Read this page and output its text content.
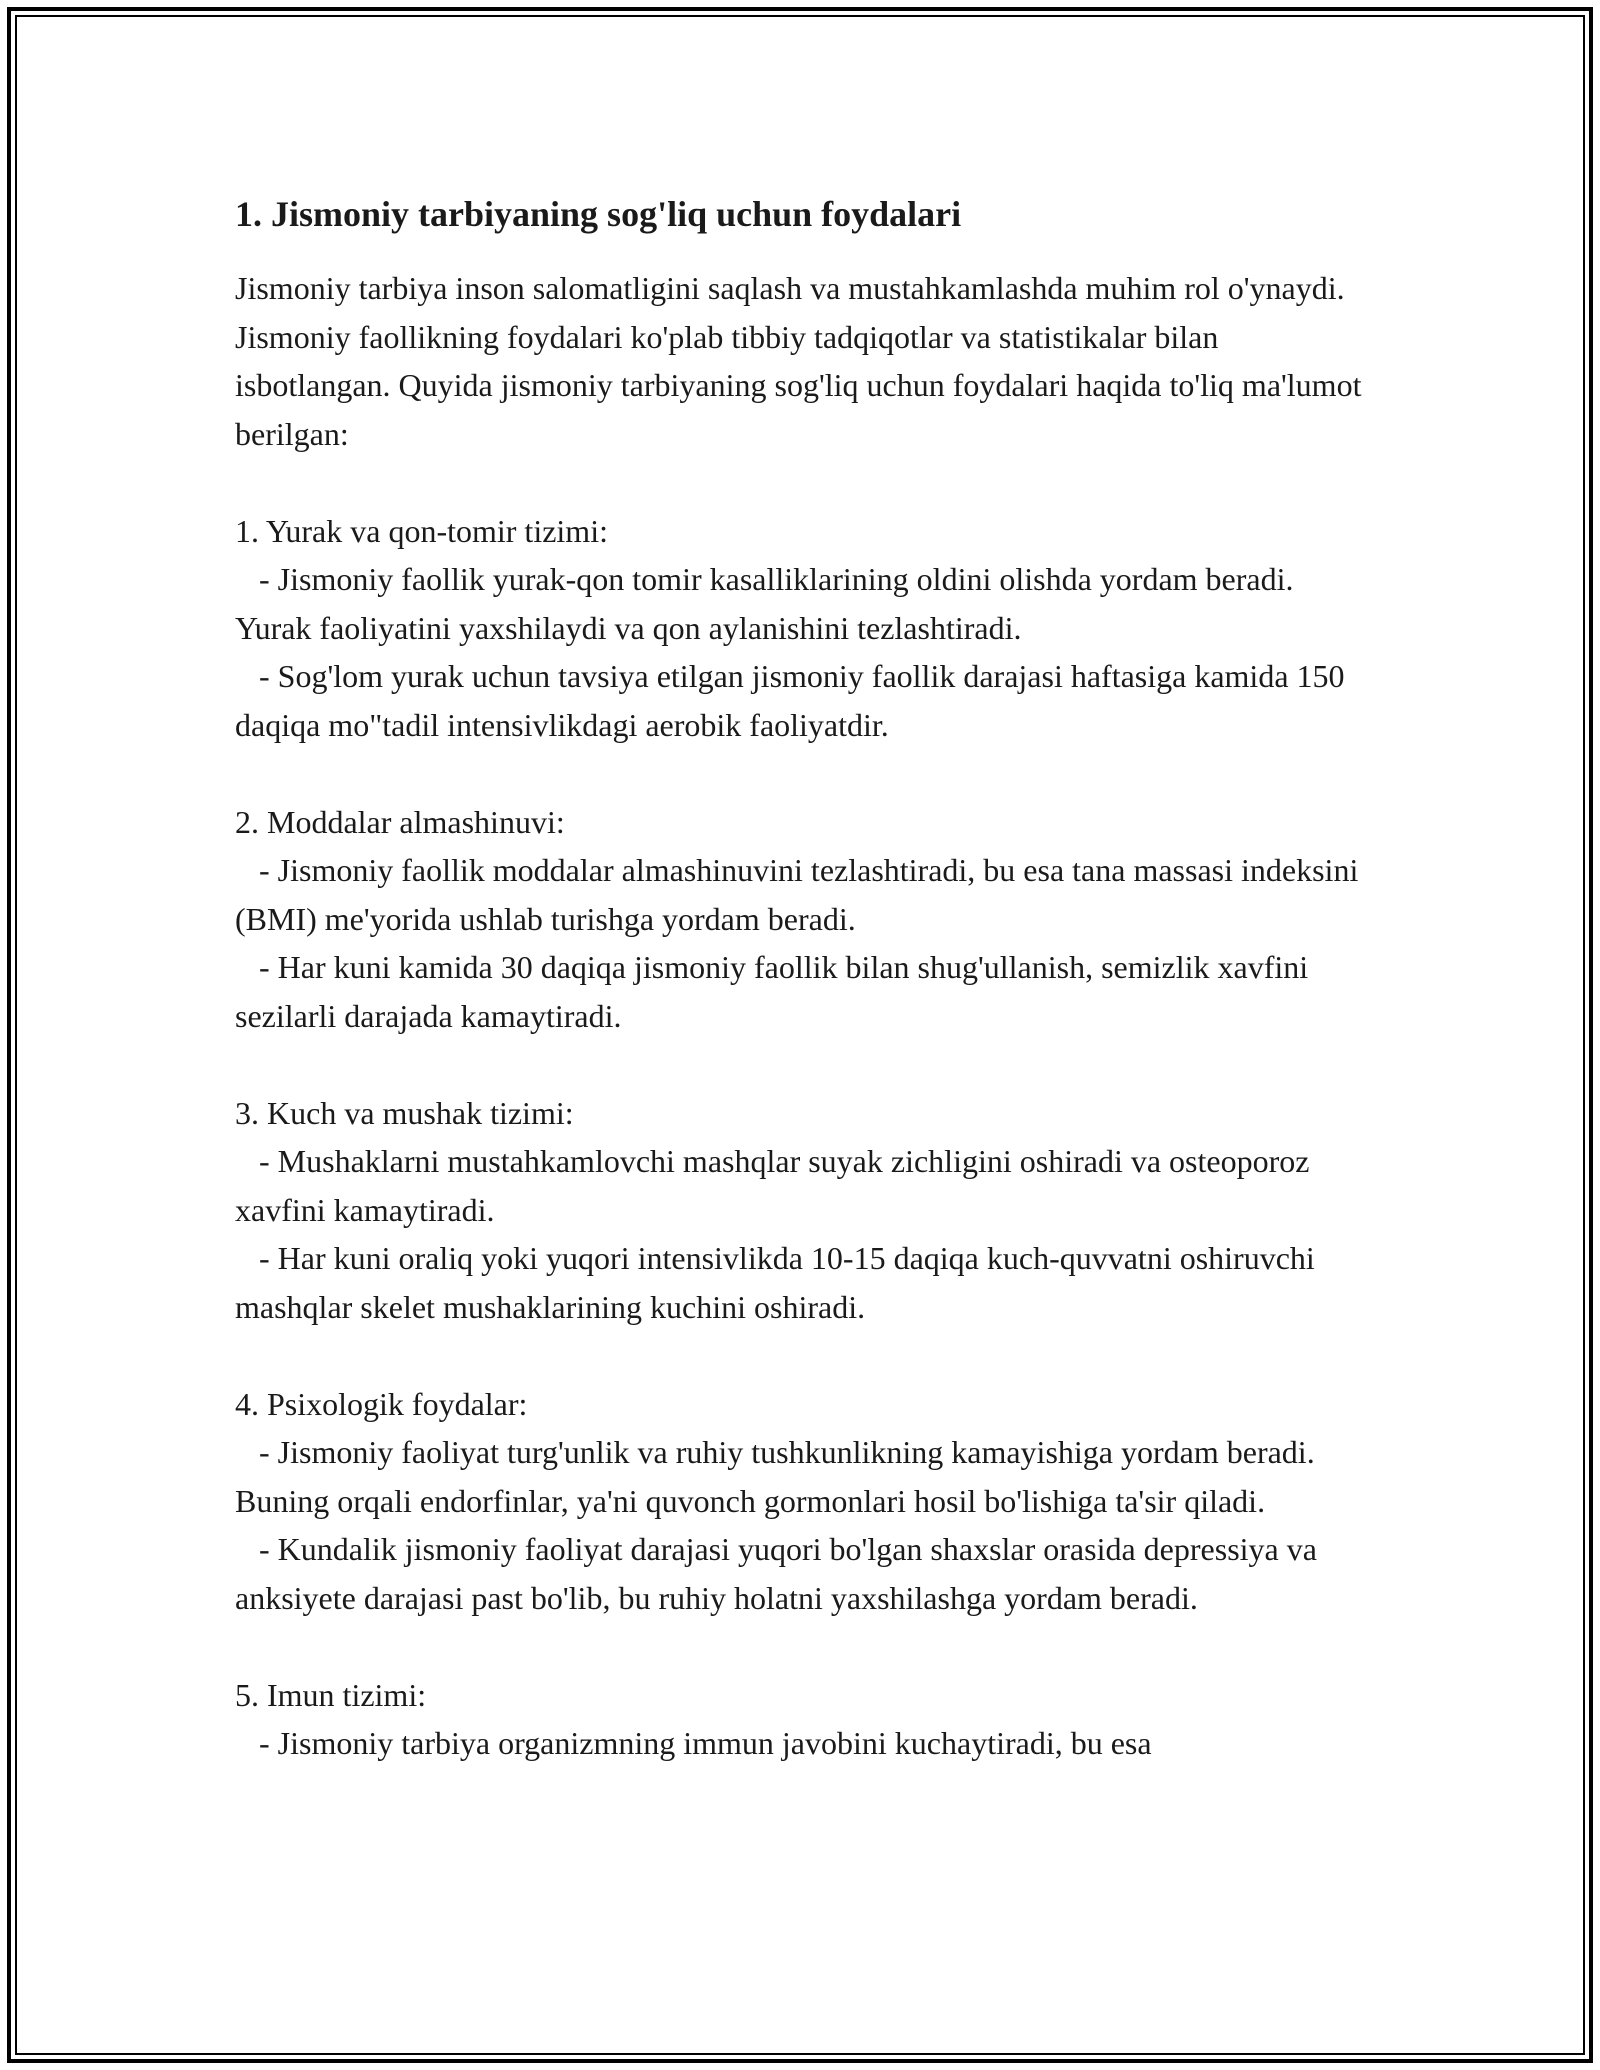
1. Jismoniy tarbiyaning sog'liq uchun foydalari

Jismoniy tarbiya inson salomatligini saqlash va mustahkamlashda muhim rol o'ynaydi. Jismoniy faollikning foydalari ko'plab tibbiy tadqiqotlar va statistikalar bilan isbotlangan. Quyida jismoniy tarbiyaning sog'liq uchun foydalari haqida to'liq ma'lumot berilgan:

1. Yurak va qon-tomir tizimi:

- Jismoniy faollik yurak-qon tomir kasalliklarining oldini olishda yordam beradi. Yurak faoliyatini yaxshilaydi va qon aylanishini tezlashtiradi.

- Sog'lom yurak uchun tavsiya etilgan jismoniy faollik darajasi haftasiga kamida 150 daqiqa mo"tadil intensivlikdagi aerobik faoliyatdir.

2. Moddalar almashinuvi:

- Jismoniy faollik moddalar almashinuvini tezlashtiradi, bu esa tana massasi indeksini (BMI) me'yorida ushlab turishga yordam beradi.

- Har kuni kamida 30 daqiqa jismoniy faollik bilan shug'ullanish, semizlik xavfini sezilarli darajada kamaytiradi.

3. Kuch va mushak tizimi:

- Mushaklarni mustahkamlovchi mashqlar suyak zichligini oshiradi va osteoporoz xavfini kamaytiradi.

- Har kuni oraliq yoki yuqori intensivlikda 10-15 daqiqa kuch-quvvatni oshiruvchi mashqlar skelet mushaklarining kuchini oshiradi.

4. Psixologik foydalar:

- Jismoniy faoliyat turg'unlik va ruhiy tushkunlikning kamayishiga yordam beradi. Buning orqali endorfinlar, ya'ni quvonch gormonlari hosil bo'lishiga ta'sir qiladi.

- Kundalik jismoniy faoliyat darajasi yuqori bo'lgan shaxslar orasida depressiya va anksiyete darajasi past bo'lib, bu ruhiy holatni yaxshilashga yordam beradi.

5. Imun tizimi:

- Jismoniy tarbiya organizmning immun javobini kuchaytiradi, bu esa
